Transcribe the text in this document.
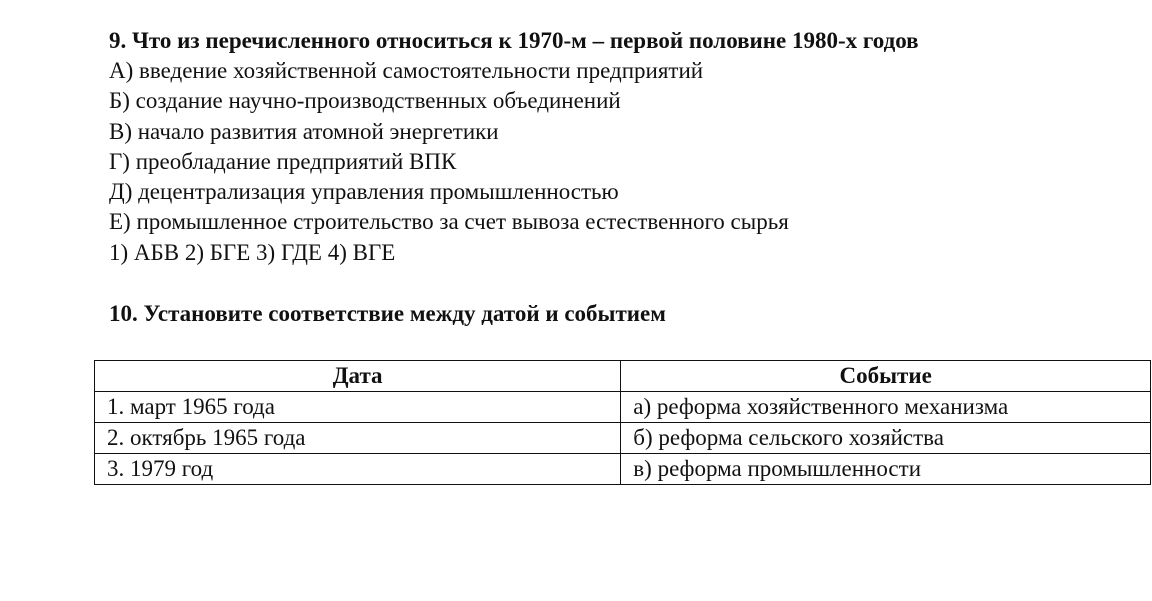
9. Что из перечисленного относиться к 1970-м – первой половине 1980-х годов
А) введение хозяйственной самостоятельности предприятий
Б) создание научно-производственных объединений
В) начало развития атомной энергетики
Г) преобладание предприятий ВПК
Д) децентрализация управления промышленностью
Е) промышленное строительство за счет вывоза естественного сырья
1) АБВ 2) БГЕ 3) ГДЕ 4) ВГЕ
10. Установите соответствие между датой и событием
Дата	Событие
1. март 1965 года	а) реформа хозяйственного механизма
2. октябрь 1965 года	б) реформа сельского хозяйства
3. 1979 год	в) реформа промышленности
